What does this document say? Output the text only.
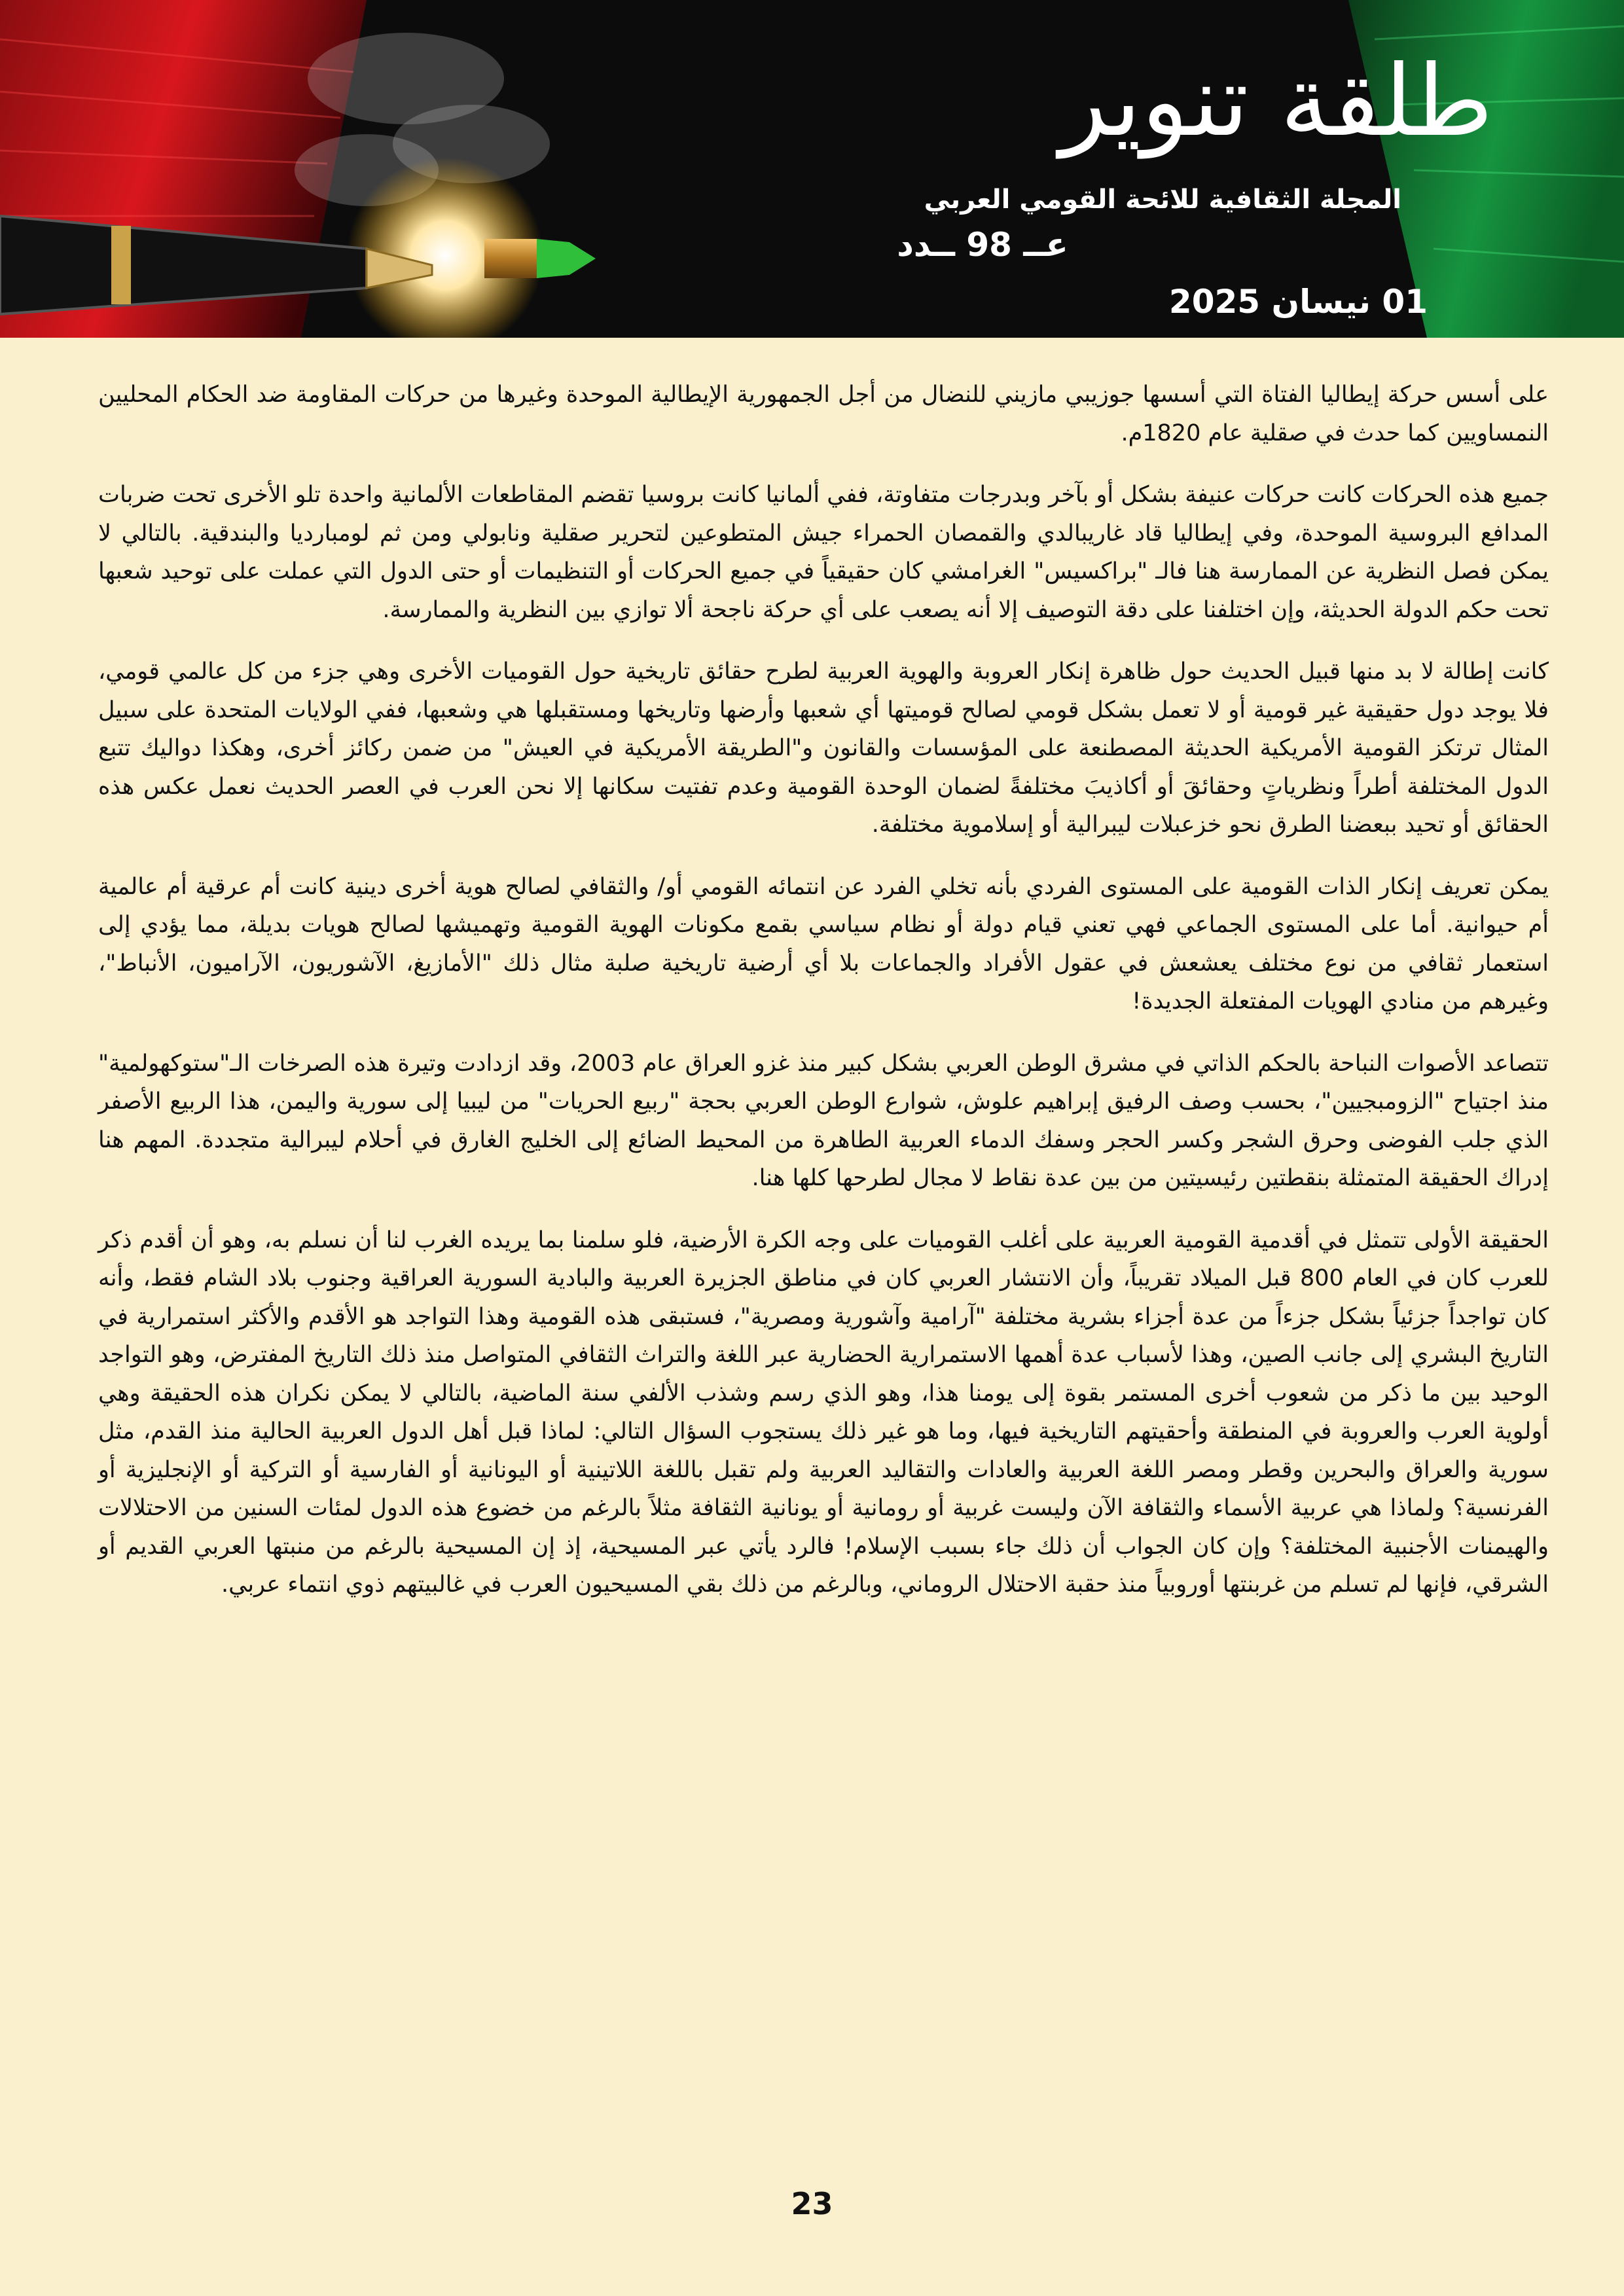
طلقة تنوير
المجلة الثقافية للائحة القومي العربي
عــ 98 ــدد
01 نيسان 2025

على أسس حركة إيطاليا الفتاة التي أسسها جوزيبي مازيني للنضال من أجل الجمهورية الإيطالية الموحدة وغيرها من حركات المقاومة ضد الحكام المحليين النمساويين كما حدث في صقلية عام 1820م.

جميع هذه الحركات كانت حركات عنيفة بشكل أو بآخر وبدرجات متفاوتة، ففي ألمانيا كانت بروسيا تقضم المقاطعات الألمانية واحدة تلو الأخرى تحت ضربات المدافع البروسية الموحدة، وفي إيطاليا قاد غاريبالدي والقمصان الحمراء جيش المتطوعين لتحرير صقلية ونابولي ومن ثم لومبارديا والبندقية. بالتالي لا يمكن فصل النظرية عن الممارسة هنا فالـ "براكسيس" الغرامشي كان حقيقياً في جميع الحركات أو التنظيمات أو حتى الدول التي عملت على توحيد شعبها تحت حكم الدولة الحديثة، وإن اختلفنا على دقة التوصيف إلا أنه يصعب على أي حركة ناجحة ألا توازي بين النظرية والممارسة.

كانت إطالة لا بد منها قبيل الحديث حول ظاهرة إنكار العروبة والهوية العربية لطرح حقائق تاريخية حول القوميات الأخرى وهي جزء من كل عالمي قومي، فلا يوجد دول حقيقية غير قومية أو لا تعمل بشكل قومي لصالح قوميتها أي شعبها وأرضها وتاريخها ومستقبلها هي وشعبها، ففي الولايات المتحدة على سبيل المثال ترتكز القومية الأمريكية الحديثة المصطنعة على المؤسسات والقانون و"الطريقة الأمريكية في العيش" من ضمن ركائز أخرى، وهكذا دواليك تتبع الدول المختلفة أطراً ونظرياتٍ وحقائقَ أو أكاذيبَ مختلفةً لضمان الوحدة القومية وعدم تفتيت سكانها إلا نحن العرب في العصر الحديث نعمل عكس هذه الحقائق أو تحيد ببعضنا الطرق نحو خزعبلات ليبرالية أو إسلاموية مختلفة.

يمكن تعريف إنكار الذات القومية على المستوى الفردي بأنه تخلي الفرد عن انتمائه القومي أو/ والثقافي لصالح هوية أخرى دينية كانت أم عرقية أم عالمية أم حيوانية. أما على المستوى الجماعي فهي تعني قيام دولة أو نظام سياسي بقمع مكونات الهوية القومية وتهميشها لصالح هويات بديلة، مما يؤدي إلى استعمار ثقافي من نوع مختلف يعشعش في عقول الأفراد والجماعات بلا أي أرضية تاريخية صلبة مثال ذلك "الأمازيغ، الآشوريون، الآراميون، الأنباط"، وغيرهم من منادي الهويات المفتعلة الجديدة!

تتصاعد الأصوات النباحة بالحكم الذاتي في مشرق الوطن العربي بشكل كبير منذ غزو العراق عام 2003، وقد ازدادت وتيرة هذه الصرخات الـ"ستوكهولمية" منذ اجتياح "الزومبجيين"، بحسب وصف الرفيق إبراهيم علوش، شوارع الوطن العربي بحجة "ربيع الحريات" من ليبيا إلى سورية واليمن، هذا الربيع الأصفر الذي جلب الفوضى وحرق الشجر وكسر الحجر وسفك الدماء العربية الطاهرة من المحيط الضائع إلى الخليج الغارق في أحلام ليبرالية متجددة. المهم هنا إدراك الحقيقة المتمثلة بنقطتين رئيسيتين من بين عدة نقاط لا مجال لطرحها كلها هنا.

الحقيقة الأولى تتمثل في أقدمية القومية العربية على أغلب القوميات على وجه الكرة الأرضية، فلو سلمنا بما يريده الغرب لنا أن نسلم به، وهو أن أقدم ذكر للعرب كان في العام 800 قبل الميلاد تقريباً، وأن الانتشار العربي كان في مناطق الجزيرة العربية والبادية السورية العراقية وجنوب بلاد الشام فقط، وأنه كان تواجداً جزئياً بشكل جزءاً من عدة أجزاء بشرية مختلفة "آرامية وآشورية ومصرية"، فستبقى هذه القومية وهذا التواجد هو الأقدم والأكثر استمرارية في التاريخ البشري إلى جانب الصين، وهذا لأسباب عدة أهمها الاستمرارية الحضارية عبر اللغة والتراث الثقافي المتواصل منذ ذلك التاريخ المفترض، وهو التواجد الوحيد بين ما ذكر من شعوب أخرى المستمر بقوة إلى يومنا هذا، وهو الذي رسم وشذب الألفي سنة الماضية، بالتالي لا يمكن نكران هذه الحقيقة وهي أولوية العرب والعروبة في المنطقة وأحقيتهم التاريخية فيها، وما هو غير ذلك يستجوب السؤال التالي: لماذا قبل أهل الدول العربية الحالية منذ القدم، مثل سورية والعراق والبحرين وقطر ومصر اللغة العربية والعادات والتقاليد العربية ولم تقبل باللغة اللاتينية أو اليونانية أو الفارسية أو التركية أو الإنجليزية أو الفرنسية؟ ولماذا هي عربية الأسماء والثقافة الآن وليست غربية أو رومانية أو يونانية الثقافة مثلاً بالرغم من خضوع هذه الدول لمئات السنين من الاحتلالات والهيمنات الأجنبية المختلفة؟ وإن كان الجواب أن ذلك جاء بسبب الإسلام! فالرد يأتي عبر المسيحية، إذ إن المسيحية بالرغم من منبتها العربي القديم أو الشرقي، فإنها لم تسلم من غربنتها أوروبياً منذ حقبة الاحتلال الروماني، وبالرغم من ذلك بقي المسيحيون العرب في غالبيتهم ذوي انتماء عربي.

23
